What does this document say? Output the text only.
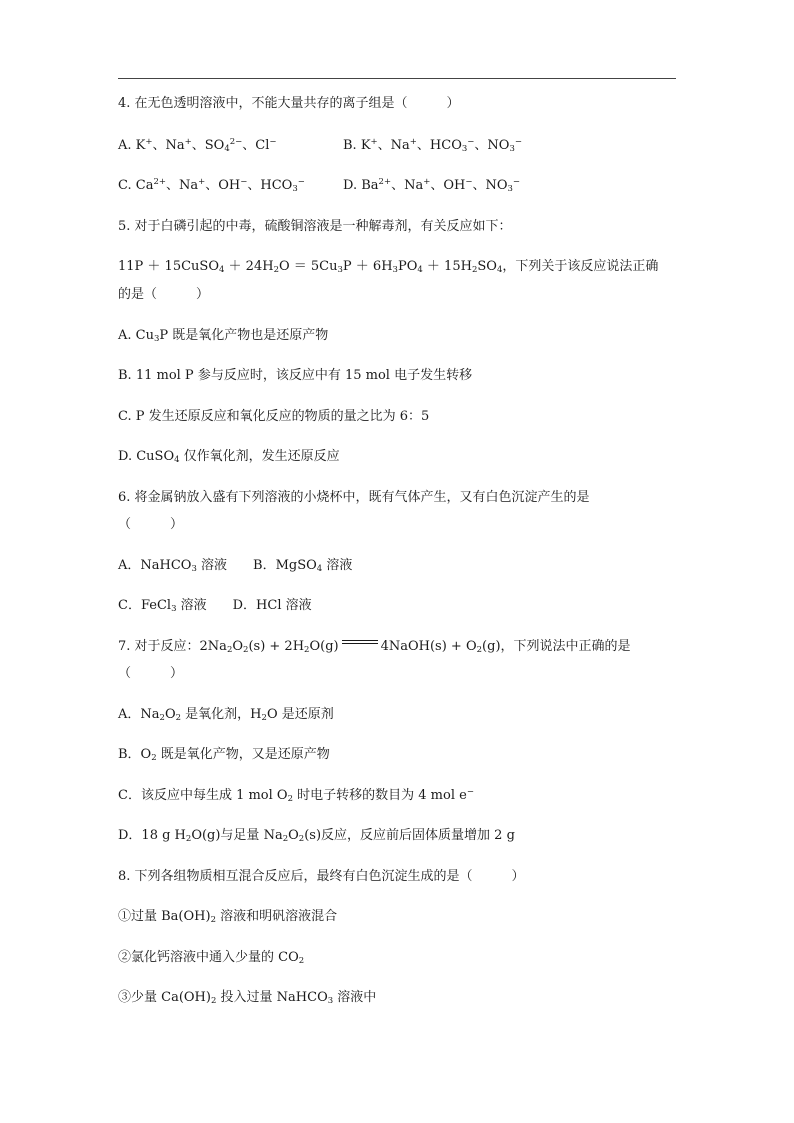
4. 在无色透明溶液中，不能大量共存的离子组是（　　　）
A. K+、Na+、$SO_4^{2-}$、Cl−	B. K+、Na+、$HCO_3^-$、$NO_3^-$
C. $Ca^{2+}$、Na+、OH−、$HCO_3^-$	D. $Ba^{2+}$、Na+、OH−、$NO_3^-$
5. 对于白磷引起的中毒，硫酸铜溶液是一种解毒剂，有关反应如下：
11P ＋ 15CuSO$_4$ ＋ $24H_2O = 5Cu_3P + 6H_3PO_4 + 15H_2SO_4$，下列关于该反应说法正确
的是（　　　）
A. $Cu_3P$ 既是氧化产物也是还原产物
B. 11 mol P 参与反应时，该反应中有 15 mol 电子发生转移
C. P 发生还原反应和氧化反应的物质的量之比为 6：5
D. CuSO$_4$ 仅作氧化剂，发生还原反应
6. 将金属钠放入盛有下列溶液的小烧杯中，既有气体产生，又有白色沉淀产生的是
（　　　）
A．NaHCO$_3$ 溶液 B．MgSO$_4$ 溶液
C．FeCl$_3$ 溶液 D．HCl 溶液
7. 对于反应：$2Na_2O_2(s) + 2H_2O(g)$	4NaOH(s) + $O_2(g)$，下列说法中正确的是
（　　　）
A．$Na_2O_2$ 是氧化剂，$H_2O$ 是还原剂
B．$O_2$ 既是氧化产物，又是还原产物
C．该反应中每生成 1 mol $O_2$ 时电子转移的数目为 4 mol e−
D．18 g $H_2O(g)$与足量 $Na_2O_2(s)$反应，反应前后固体质量增加 2 g
8. 下列各组物质相互混合反应后，最终有白色沉淀生成的是（　　　）
①过量 $Ba(OH)_2$ 溶液和明矾溶液混合
②氯化钙溶液中通入少量的 $CO_2$
③少量 $Ca(OH)_2$ 投入过量 NaHCO$_3$ 溶液中
